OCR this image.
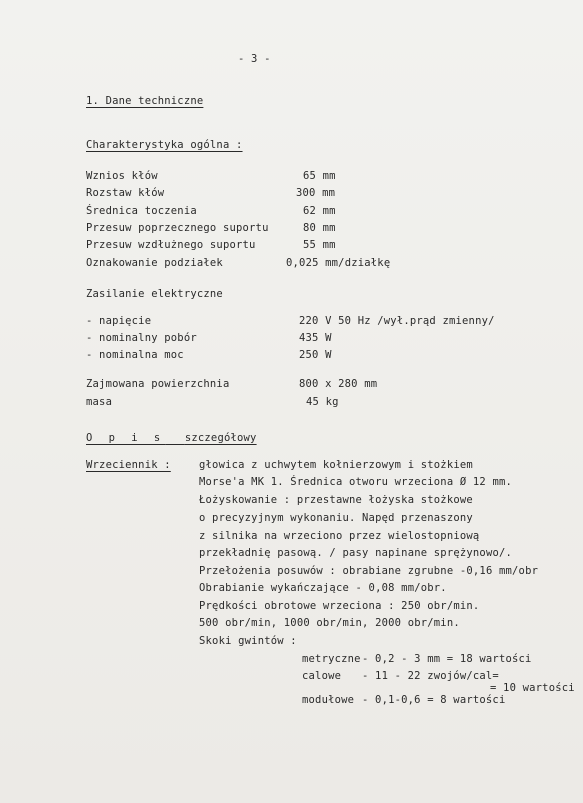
- 3 -
1. Dane techniczne
Charakterystyka ogólna :
Wznios kłów	65 mm
Rozstaw kłów	300 mm
Średnica toczenia	62 mm
Przesuw poprzecznego suportu	80 mm
Przesuw wzdłużnego suportu	55 mm
Oznakowanie podziałek	0,025 mm/działkę
Zasilanie elektryczne
- napięcie	220 V 50 Hz /wył.prąd zmienny/
- nominalny pobór	435 W
- nominalna moc	250 W
Zajmowana powierzchnia	800 x 280 mm
masa	45 kg
O p i s szczegółowy
Wrzeciennik :	głowica z uchwytem kołnierzowym i stożkiem
Morse'a MK 1. Średnica otworu wrzeciona Ø 12 mm.
Łożyskowanie : przestawne łożyska stożkowe
o precyzyjnym wykonaniu. Napęd przenaszony
z silnika na wrzeciono przez wielostopniową
przekładnię pasową. / pasy napinane sprężynowo/.
Przełożenia posuwów : obrabiane zgrubne -0,16 mm/obr
Obrabianie wykańczające - 0,08 mm/obr.
Prędkości obrotowe wrzeciona : 250 obr/min.
500 obr/min, 1000 obr/min, 2000 obr/min.
Skoki gwintów :
metryczne - 0,2 - 3 mm = 18 wartości
calowe - 11 - 22 zwojów/cal=
= 10 wartości
modułowe - 0,1-0,6 = 8 wartości
